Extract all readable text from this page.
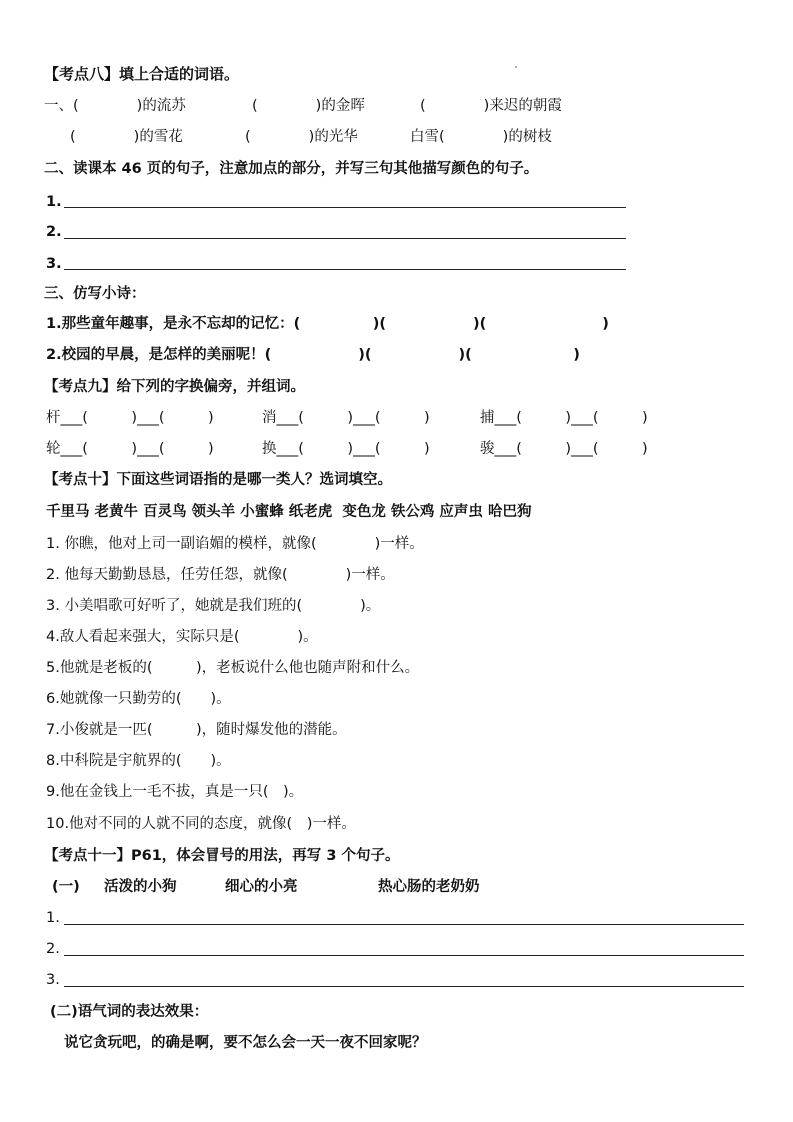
【考点八】填上合适的词语。
一、(　　　　)的流苏	(　　　　)的金晖	(　　　　)来迟的朝霞
(　　　　)的雪花	(　　　　)的光华	白雪(　　　　)的树枝
二、读课本 46 页的句子，注意加点的部分，并写三句其他描写颜色的句子。
1.
2.
3.
三、仿写小诗：
1.那些童年趣事，是永不忘却的记忆：(　　　　　)(　　　　　　)(　　　　　　　　)
2.校园的早晨，是怎样的美丽呢！(　　　　　　)(　　　　　　)(　　　　　　　)
【考点九】给下列的字换偏旁，并组词。
杆___(　　　)___(　　　)	消___(　　　)___(　　　)	捕___(　　　)___(　　　)
轮___(　　　)___(　　　)	换___(　　　)___(　　　)	骏___(　　　)___(　　　)
【考点十】下面这些词语指的是哪一类人？选词填空。
千里马 老黄牛 百灵鸟 领头羊 小蜜蜂 纸老虎  变色龙 铁公鸡 应声虫 哈巴狗
1. 你瞧，他对上司一副谄媚的模样，就像(　　　　)一样。
2. 他每天勤勤恳恳，任劳任怨，就像(　　　　)一样。
3. 小美唱歌可好听了，她就是我们班的(　　　　)。
4.敌人看起来强大，实际只是(　　　　)。
5.他就是老板的(　　　)，老板说什么他也随声附和什么。
6.她就像一只勤劳的(　　)。
7.小俊就是一匹(　　　)，随时爆发他的潜能。
8.中科院是宇航界的(　　)。
9.他在金钱上一毛不拔，真是一只(　)。
10.他对不同的人就不同的态度，就像(　)一样。
【考点十一】P61，体会冒号的用法，再写 3 个句子。
(一) 活泼的小狗	细心的小亮	热心肠的老奶奶
1.
2.
3.
(二)语气词的表达效果：
说它贪玩吧，的确是啊，要不怎么会一天一夜不回家呢？
